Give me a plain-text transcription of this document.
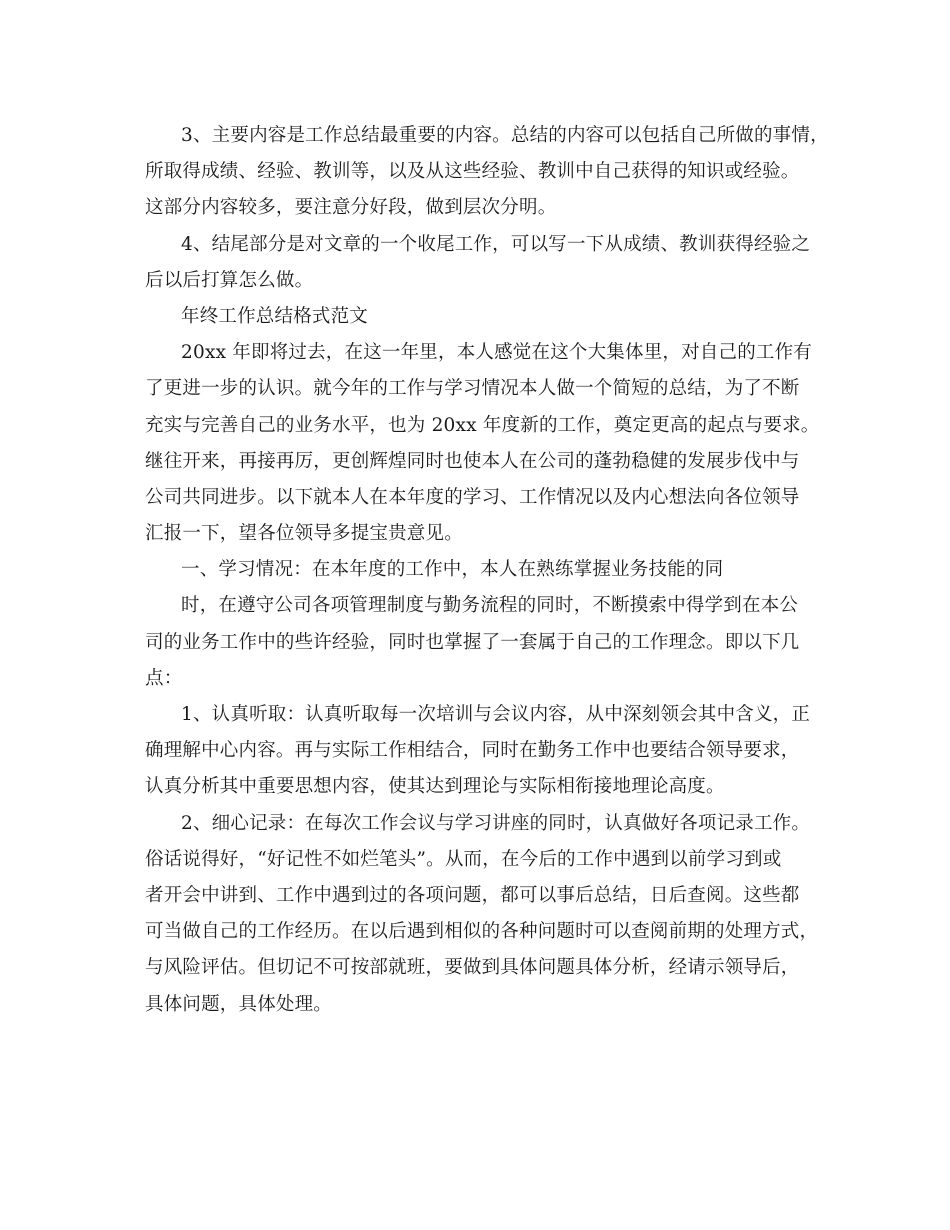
3、主要内容是工作总结最重要的内容。总结的内容可以包括自己所做的事情，
所取得成绩、经验、教训等，以及从这些经验、教训中自己获得的知识或经验。
这部分内容较多，要注意分好段，做到层次分明。
4、结尾部分是对文章的一个收尾工作，可以写一下从成绩、教训获得经验之
后以后打算怎么做。
年终工作总结格式范文
20xx 年即将过去，在这一年里，本人感觉在这个大集体里，对自己的工作有
了更进一步的认识。就今年的工作与学习情况本人做一个简短的总结，为了不断
充实与完善自己的业务水平，也为 20xx 年度新的工作，奠定更高的起点与要求。
继往开来，再接再厉，更创辉煌同时也使本人在公司的蓬勃稳健的发展步伐中与
公司共同进步。以下就本人在本年度的学习、工作情况以及内心想法向各位领导
汇报一下，望各位领导多提宝贵意见。
一、学习情况：在本年度的工作中，本人在熟练掌握业务技能的同
时，在遵守公司各项管理制度与勤务流程的同时，不断摸索中得学到在本公
司的业务工作中的些许经验，同时也掌握了一套属于自己的工作理念。即以下几
点：
1、认真听取：认真听取每一次培训与会议内容，从中深刻领会其中含义，正
确理解中心内容。再与实际工作相结合，同时在勤务工作中也要结合领导要求，
认真分析其中重要思想内容，使其达到理论与实际相衔接地理论高度。
2、细心记录：在每次工作会议与学习讲座的同时，认真做好各项记录工作。
俗话说得好，“好记性不如烂笔头”。从而，在今后的工作中遇到以前学习到或
者开会中讲到、工作中遇到过的各项问题，都可以事后总结，日后查阅。这些都
可当做自己的工作经历。在以后遇到相似的各种问题时可以查阅前期的处理方式，
与风险评估。但切记不可按部就班，要做到具体问题具体分析，经请示领导后，
具体问题，具体处理。
